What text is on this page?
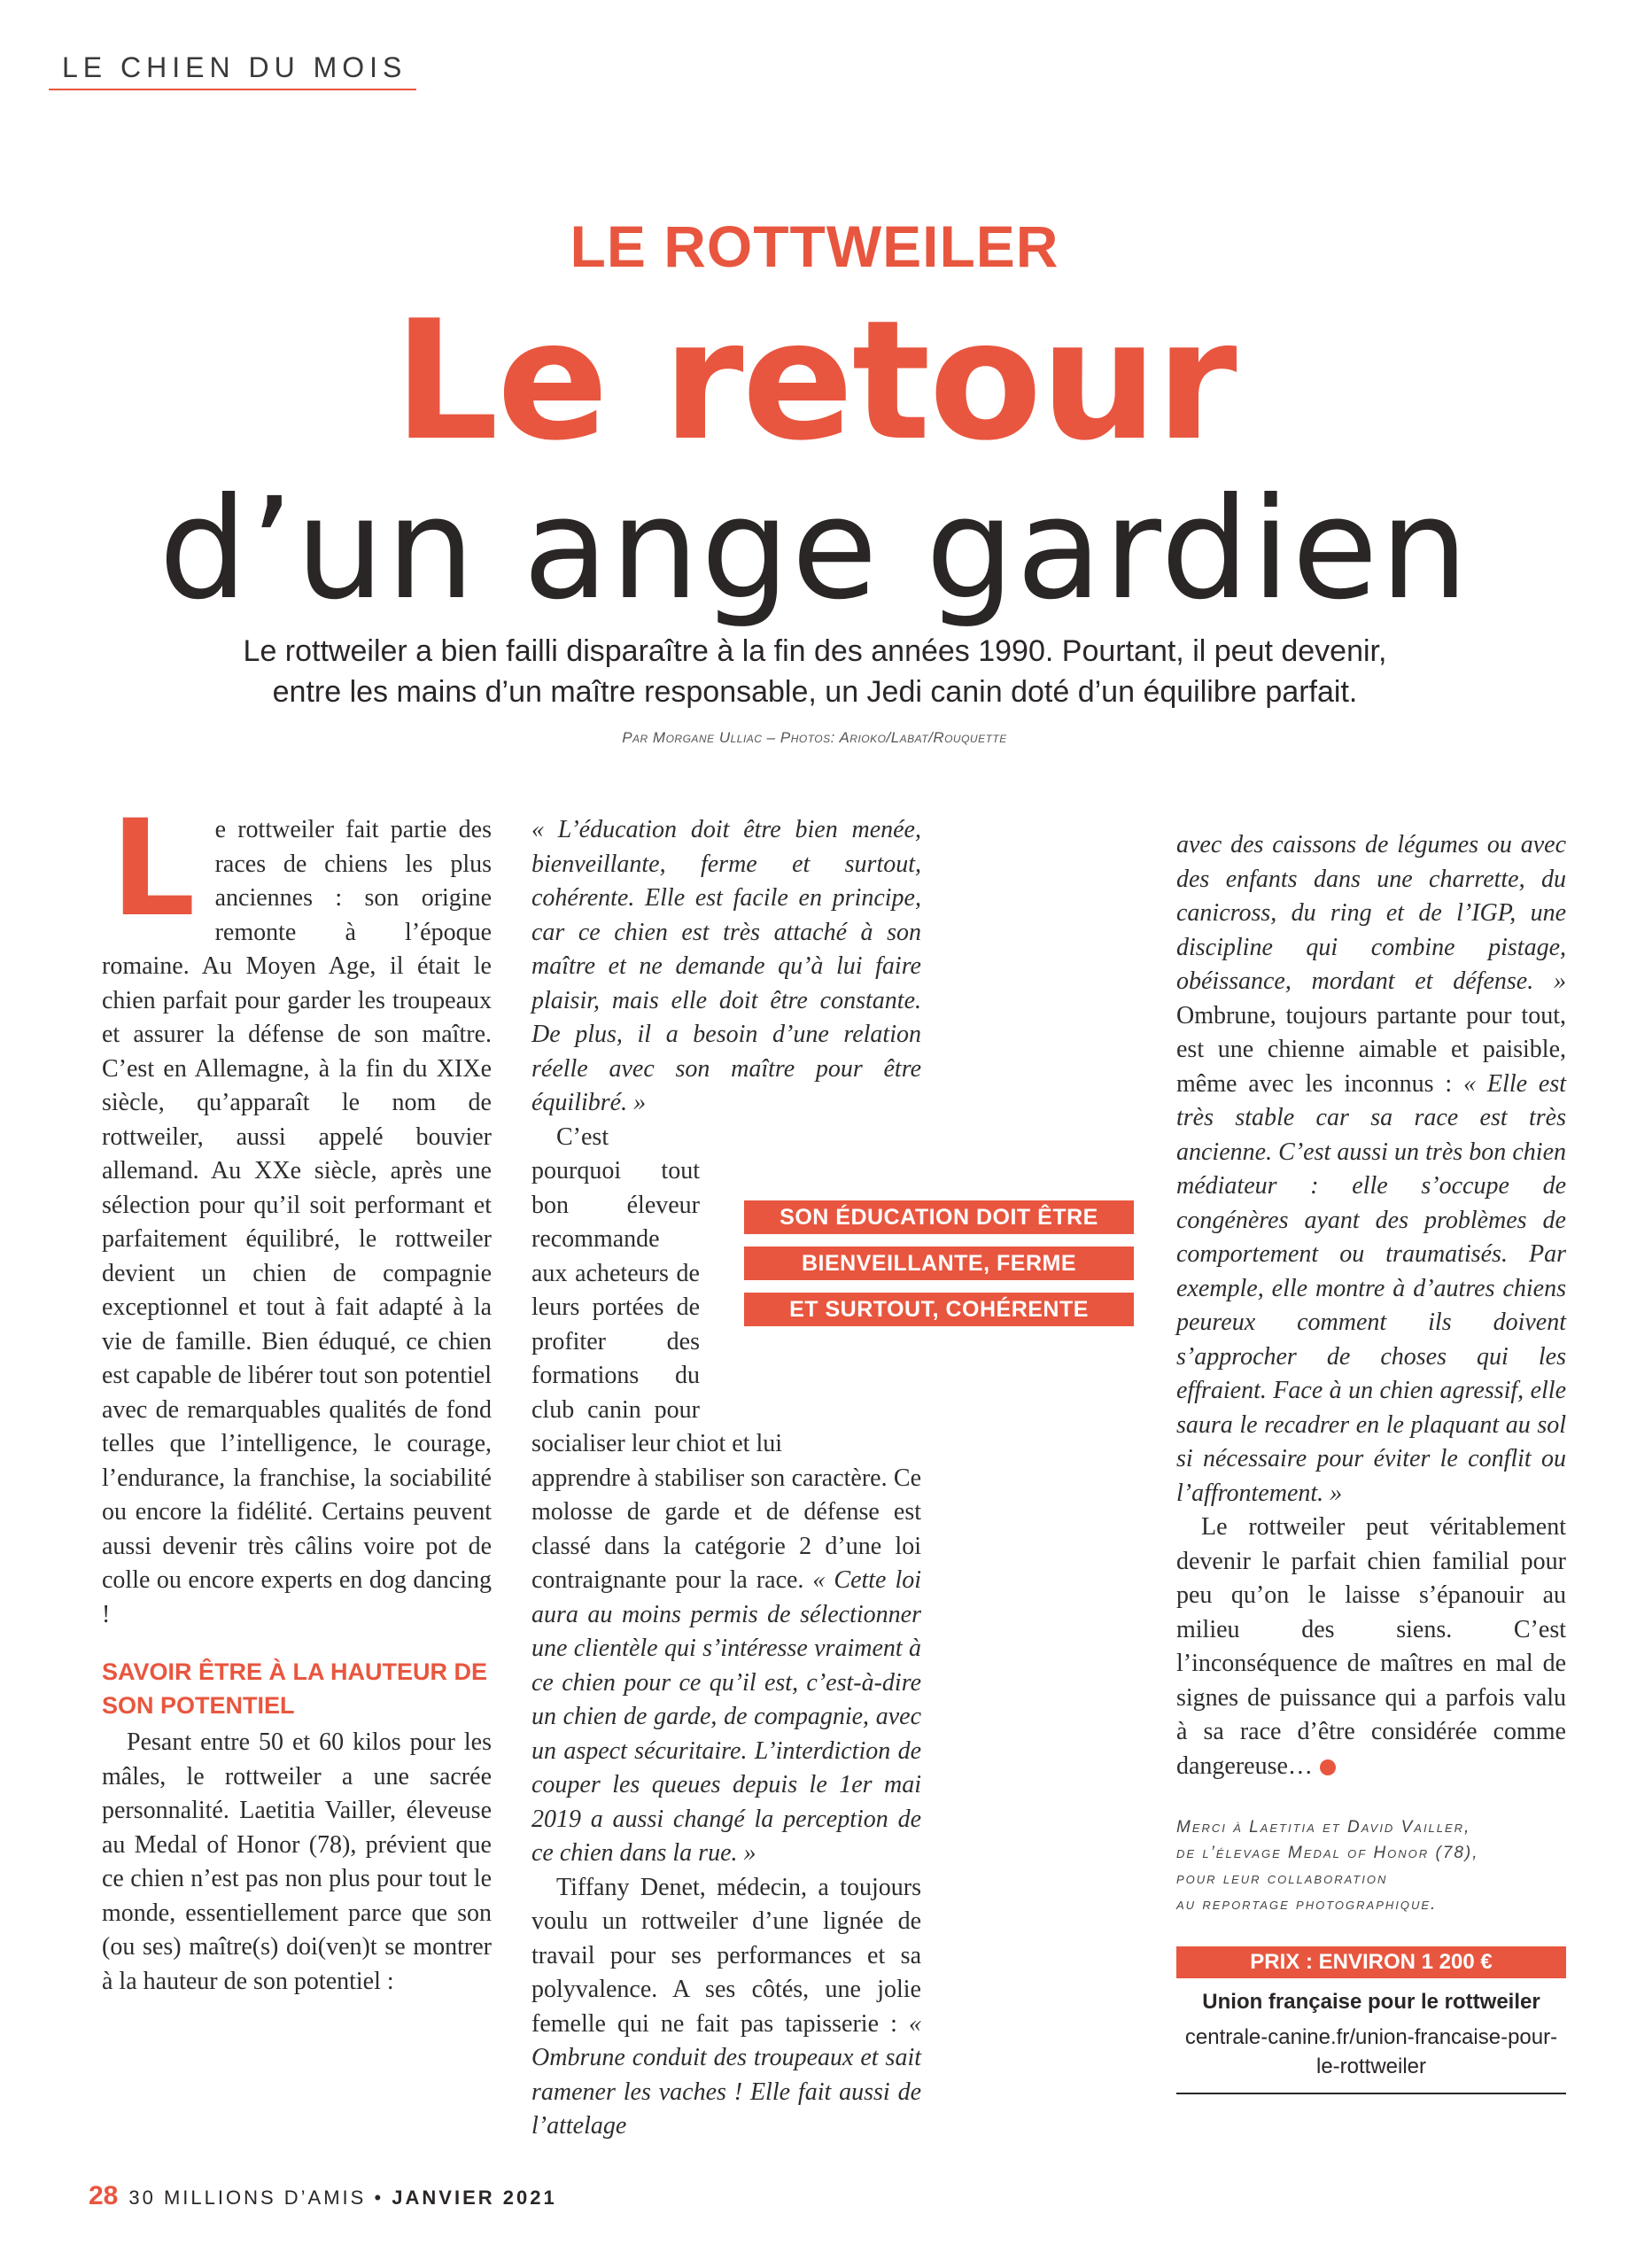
LE CHIEN DU MOIS
LE ROTTWEILER
Le retour
d’un ange gardien
Le rottweiler a bien failli disparaître à la fin des années 1990. Pourtant, il peut devenir,
entre les mains d’un maître responsable, un Jedi canin doté d’un équilibre parfait.
Par Morgane Ulliac – Photos: Arioko/Labat/Rouquette

Le rottweiler fait partie des races de chiens les plus anciennes : son origine remonte à l’époque romaine. Au Moyen Age, il était le chien parfait pour garder les troupeaux et assurer la défense de son maître. C’est en Allemagne, à la fin du XIXe siècle, qu’apparaît le nom de rottweiler, aussi appelé bouvier allemand. Au XXe siècle, après une sélection pour qu’il soit performant et parfaitement équilibré, le rottweiler devient un chien de compagnie exceptionnel et tout à fait adapté à la vie de famille. Bien éduqué, ce chien est capable de libérer tout son potentiel avec de remarquables qualités de fond telles que l’intelligence, le courage, l’endurance, la franchise, la sociabilité ou encore la fidélité. Certains peuvent aussi devenir très câlins voire pot de colle ou encore experts en dog dancing !

SAVOIR ÊTRE À LA HAUTEUR DE SON POTENTIEL

Pesant entre 50 et 60 kilos pour les mâles, le rottweiler a une sacrée personnalité. Laetitia Vailler, éleveuse au Medal of Honor (78), prévient que ce chien n’est pas non plus pour tout le monde, essentiellement parce que son (ou ses) maître(s) doi(ven)t se montrer à la hauteur de son potentiel :

« L’éducation doit être bien menée, bienveillante, ferme et surtout, cohérente. Elle est facile en principe, car ce chien est très attaché à son maître et ne demande qu’à lui faire plaisir, mais elle doit être constante. De plus, il a besoin d’une relation réelle avec son maître pour être équilibré. »

C’est pourquoi tout bon éleveur recommande aux acheteurs de leurs portées de profiter des formations du club canin pour socialiser leur chiot et lui

apprendre à stabiliser son caractère. Ce molosse de garde et de défense est classé dans la catégorie 2 d’une loi contraignante pour la race. « Cette loi aura au moins permis de sélectionner une clientèle qui s’intéresse vraiment à ce chien pour ce qu’il est, c’est-à-dire un chien de garde, de compagnie, avec un aspect sécuritaire. L’interdiction de couper les queues depuis le 1er mai 2019 a aussi changé la perception de ce chien dans la rue. »

Tiffany Denet, médecin, a toujours voulu un rottweiler d’une lignée de travail pour ses performances et sa polyvalence. A ses côtés, une jolie femelle qui ne fait pas tapisserie : « Ombrune conduit des troupeaux et sait ramener les vaches ! Elle fait aussi de l’attelage

SON ÉDUCATION DOIT ÊTRE
BIENVEILLANTE, FERME
ET SURTOUT, COHÉRENTE

avec des caissons de légumes ou avec des enfants dans une charrette, du canicross, du ring et de l’IGP, une discipline qui combine pistage, obéissance, mordant et défense. » Ombrune, toujours partante pour tout, est une chienne aimable et paisible, même avec les inconnus : « Elle est très stable car sa race est très ancienne. C’est aussi un très bon chien médiateur : elle s’occupe de congénères ayant des problèmes de comportement ou traumatisés. Par exemple, elle montre à d’autres chiens peureux comment ils doivent s’approcher de choses qui les effraient. Face à un chien agressif, elle saura le recadrer en le plaquant au sol si nécessaire pour éviter le conflit ou l’affrontement. »

Le rottweiler peut véritablement devenir le parfait chien familial pour peu qu’on le laisse s’épanouir au milieu des siens. C’est l’inconséquence de maîtres en mal de signes de puissance qui a parfois valu à sa race d’être considérée comme dangereuse…

Merci à Laetitia et David Vailler,
de l’élevage Medal of Honor (78),
pour leur collaboration
au reportage photographique.
PRIX : ENVIRON 1 200 €
Union française pour le rottweiler
centrale-canine.fr/union-francaise-pour-
le-rottweiler
28 30 MILLIONS D’AMIS • JANVIER 2021
